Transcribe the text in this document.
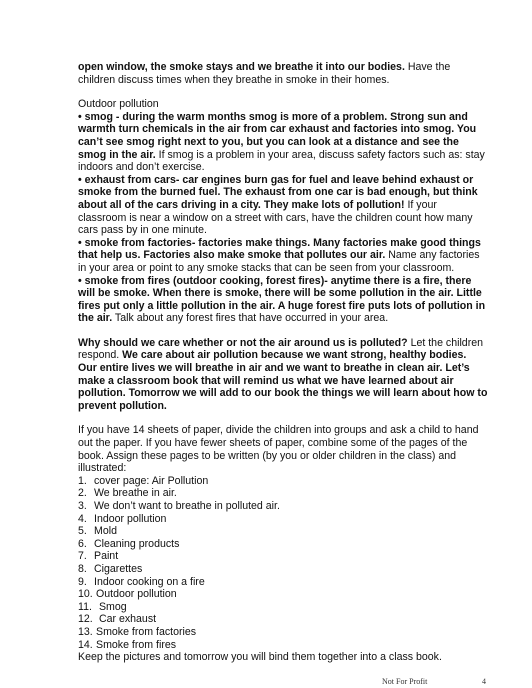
open window, the smoke stays and we breathe it into our bodies. Have the children discuss times when they breathe in smoke in their homes.

Outdoor pollution

• smog - during the warm months smog is more of a problem. Strong sun and warmth turn chemicals in the air from car exhaust and factories into smog. You can’t see smog right next to you, but you can look at a distance and see the smog in the air. If smog is a problem in your area, discuss safety factors such as: stay indoors and don’t exercise.

• exhaust from cars- car engines burn gas for fuel and leave behind exhaust or smoke from the burned fuel. The exhaust from one car is bad enough, but think about all of the cars driving in a city. They make lots of pollution! If your classroom is near a window on a street with cars, have the children count how many cars pass by in one minute.

• smoke from factories- factories make things. Many factories make good things that help us. Factories also make smoke that pollutes our air. Name any factories in your area or point to any smoke stacks that can be seen from your classroom.

• smoke from fires (outdoor cooking, forest fires)- anytime there is a fire, there will be smoke. When there is smoke, there will be some pollution in the air. Little fires put only a little pollution in the air. A huge forest fire puts lots of pollution in the air. Talk about any forest fires that have occurred in your area.

Why should we care whether or not the air around us is polluted? Let the children respond. We care about air pollution because we want strong, healthy bodies. Our entire lives we will breathe in air and we want to breathe in clean air. Let’s make a classroom book that will remind us what we have learned about air pollution. Tomorrow we will add to our book the things we will learn about how to prevent pollution.

If you have 14 sheets of paper, divide the children into groups and ask a child to hand out the paper. If you have fewer sheets of paper, combine some of the pages of the book. Assign these pages to be written (by you or older children in the class) and illustrated:

1. cover page: Air Pollution
2. We breathe in air.
3. We don’t want to breathe in polluted air.
4. Indoor pollution
5. Mold
6. Cleaning products
7. Paint
8. Cigarettes
9. Indoor cooking on a fire
10. Outdoor pollution
11. Smog
12. Car exhaust
13. Smoke from factories
14. Smoke from fires

Keep the pictures and tomorrow you will bind them together into a class book.

Not For Profit	4
